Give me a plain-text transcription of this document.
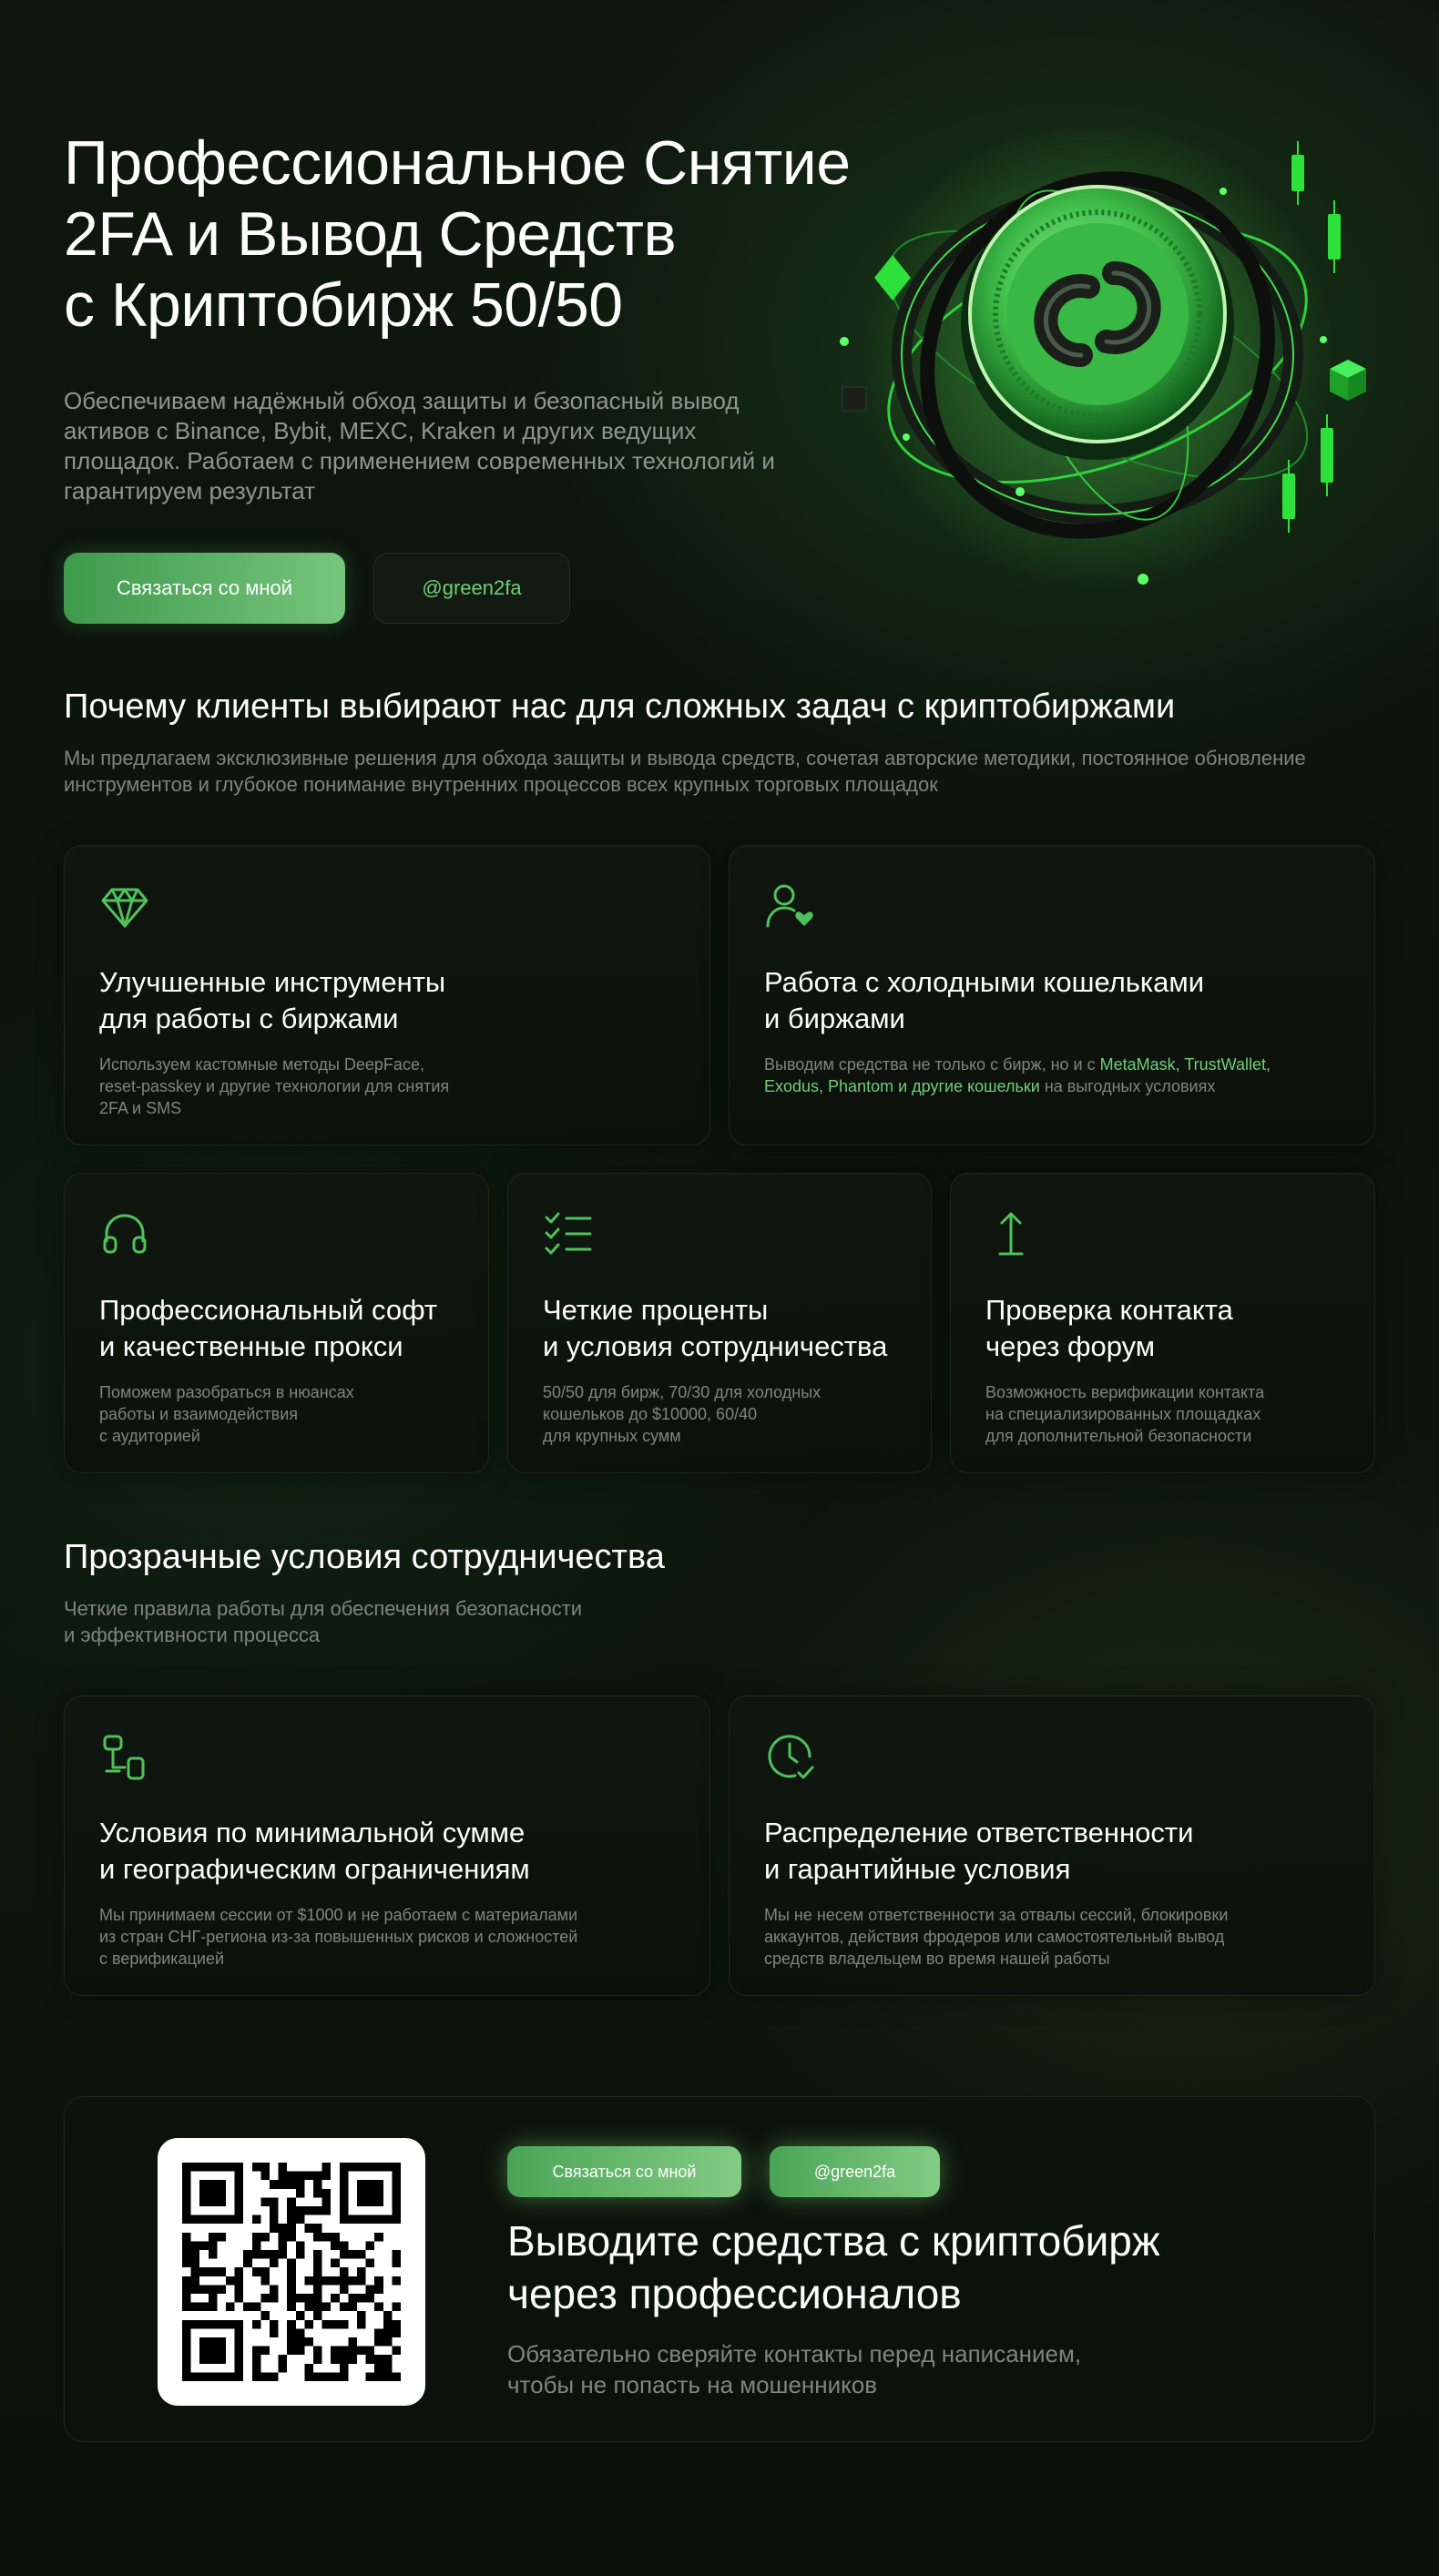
Профессиональное Снятие
2FA и Вывод Средств
с Криптобирж 50/50

Обеспечиваем надёжный обход защиты и безопасный вывод активов с Binance, Bybit, MEXC, Kraken и других ведущих площадок. Работаем с применением современных технологий и гарантируем результат

Связаться со мной	@green2fa
Почему клиенты выбирают нас для сложных задач с криптобиржами

Мы предлагаем эксклюзивные решения для обхода защиты и вывода средств, сочетая авторские методики, постоянное обновление инструментов и глубокое понимание внутренних процессов всех крупных торговых площадок

Улучшенные инструменты
для работы с биржами
Используем кастомные методы DeepFace,
reset-passkey и другие технологии для снятия
2FA и SMS
Работа с холодными кошельками
и биржами
Выводим средства не только с бирж, но и с MetaMask, TrustWallet, Exodus, Phantom и другие кошельки на выгодных условиях
Профессиональный софт
и качественные прокси
Поможем разобраться в нюансах
работы и взаимодействия
с аудиторией
Четкие проценты
и условия сотрудничества
50/50 для бирж, 70/30 для холодных
кошельков до $10000, 60/40
для крупных сумм
Проверка контакта
через форум
Возможность верификации контакта
на специализированных площадках
для дополнительной безопасности
Прозрачные условия сотрудничества

Четкие правила работы для обеспечения безопасности
и эффективности процесса

Условия по минимальной сумме
и географическим ограничениям
Мы принимаем сессии от $1000 и не работаем с материалами
из стран СНГ-региона из-за повышенных рисков и сложностей
с верификацией
Распределение ответственности
и гарантийные условия
Мы не несем ответственности за отвалы сессий, блокировки
аккаунтов, действия фродеров или самостоятельный вывод
средств владельцем во время нашей работы
Связаться со мной	@green2fa
Выводите средства с криптобирж
через профессионалов
Обязательно сверяйте контакты перед написанием,
чтобы не попасть на мошенников
